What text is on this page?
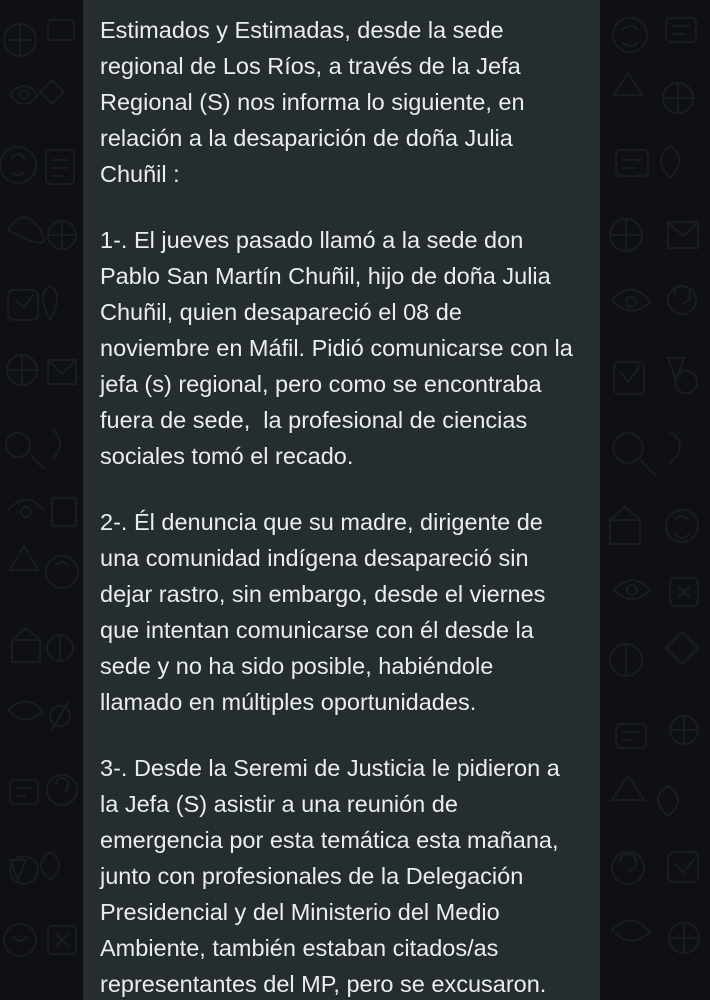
Estimados y Estimadas, desde la sede regional de Los Ríos, a través de la Jefa Regional (S) nos informa lo siguiente, en relación a la desaparición de doña Julia Chuñil :

1-. El jueves pasado llamó a la sede don Pablo San Martín Chuñil, hijo de doña Julia Chuñil, quien desapareció el 08 de noviembre en Máfil. Pidió comunicarse con la jefa (s) regional, pero como se encontraba fuera de sede,  la profesional de ciencias sociales tomó el recado.

2-. Él denuncia que su madre, dirigente de una comunidad indígena desapareció sin dejar rastro, sin embargo, desde el viernes que intentan comunicarse con él desde la sede y no ha sido posible, habiéndole llamado en múltiples oportunidades.

3-. Desde la Seremi de Justicia le pidieron a la Jefa (S) asistir a una reunión de emergencia por esta temática esta mañana, junto con profesionales de la Delegación Presidencial y del Ministerio del Medio Ambiente, también estaban citados/as representantes del MP, pero se excusaron.
